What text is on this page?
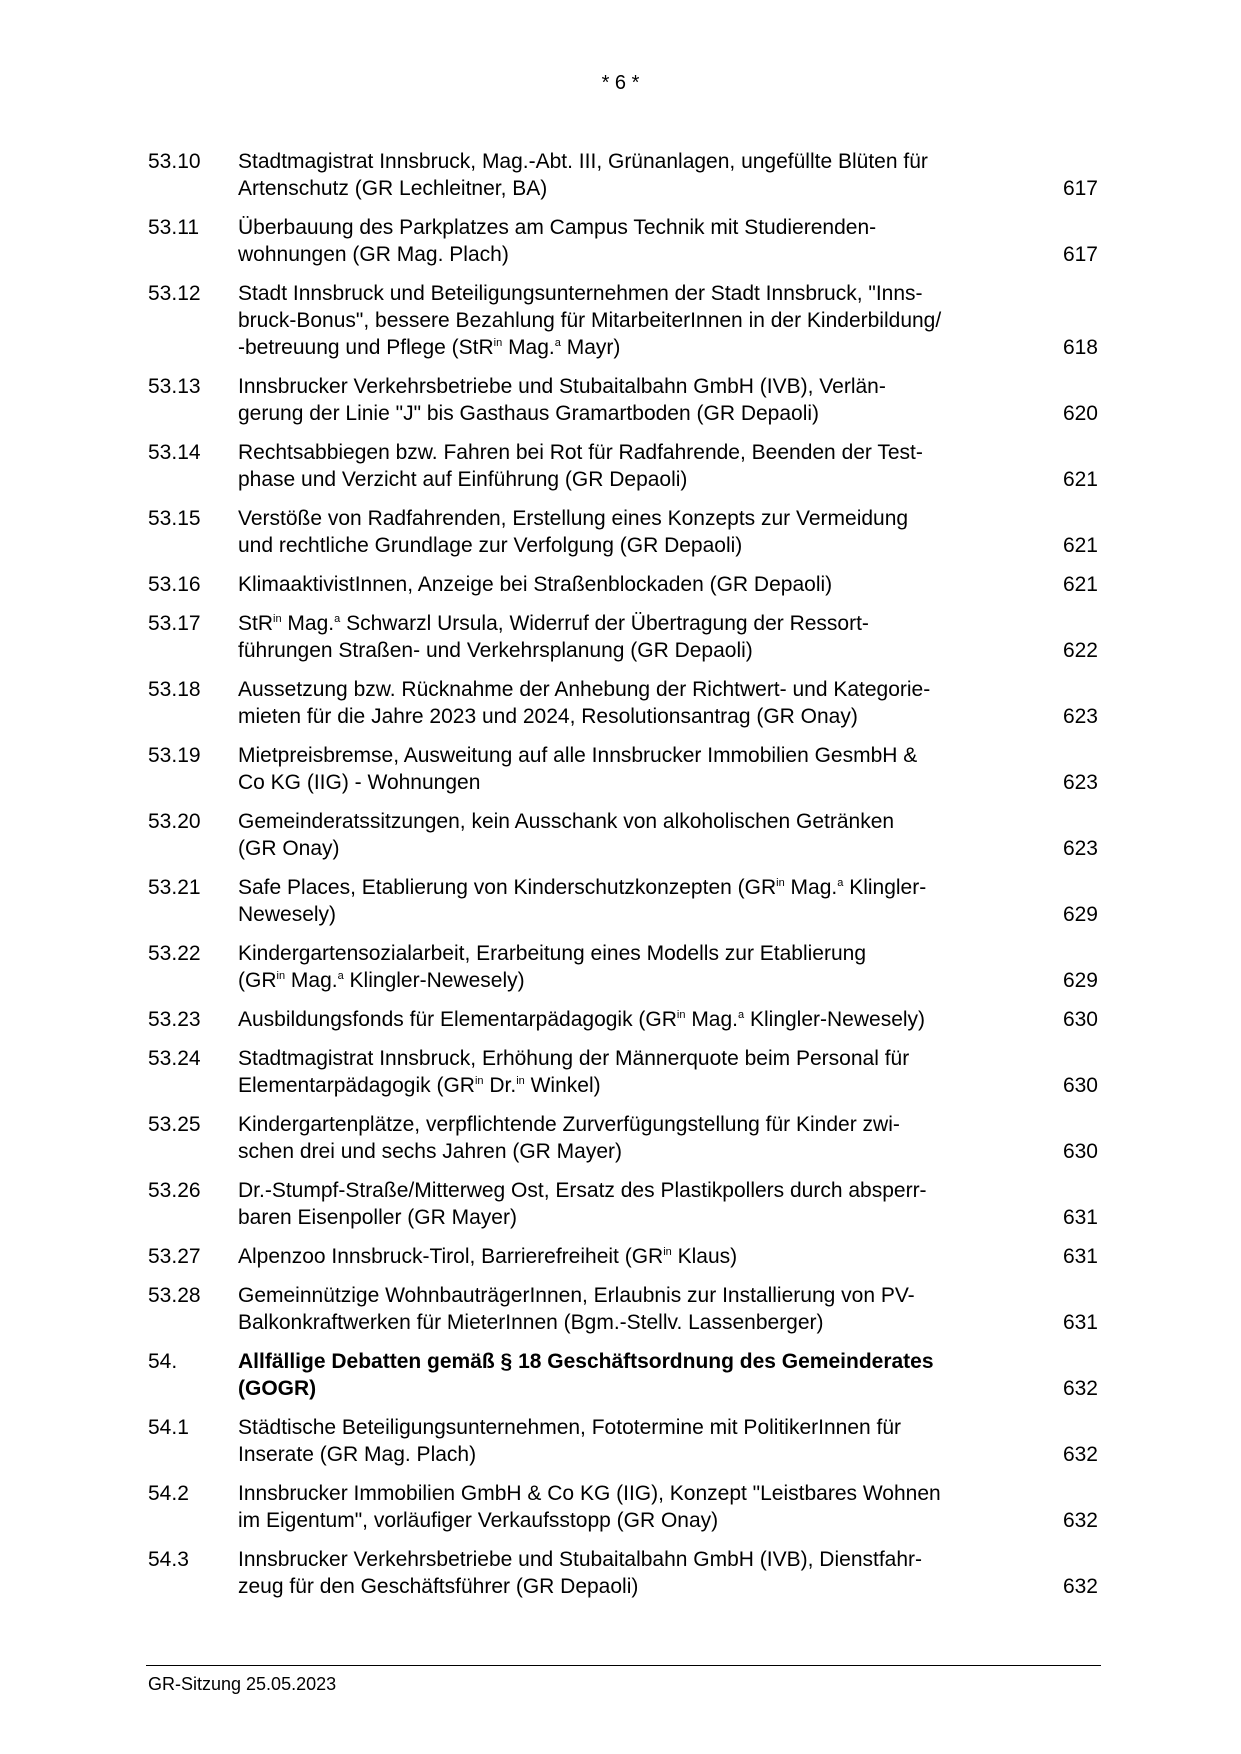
* 6 *
53.10	Stadtmagistrat Innsbruck, Mag.-Abt. III, Grünanlagen, ungefüllte Blüten für
Artenschutz (GR Lechleitner, BA)	617
53.11	Überbauung des Parkplatzes am Campus Technik mit Studierenden-
wohnungen (GR Mag. Plach)	617
53.12	Stadt Innsbruck und Beteiligungsunternehmen der Stadt Innsbruck, "Inns-
bruck-Bonus", bessere Bezahlung für MitarbeiterInnen in der Kinderbildung/
-betreuung und Pflege (StR$^{in}$ Mag.$^a$ Mayr)	618
53.13	Innsbrucker Verkehrsbetriebe und Stubaitalbahn GmbH (IVB), Verlän-
gerung der Linie "J" bis Gasthaus Gramartboden (GR Depaoli)	620
53.14	Rechtsabbiegen bzw. Fahren bei Rot für Radfahrende, Beenden der Test-
phase und Verzicht auf Einführung (GR Depaoli)	621
53.15	Verstöße von Radfahrenden, Erstellung eines Konzepts zur Vermeidung
und rechtliche Grundlage zur Verfolgung (GR Depaoli)	621
53.16	KlimaaktivistInnen, Anzeige bei Straßenblockaden (GR Depaoli)	621
53.17	StR$^{in}$ Mag.$^a$ Schwarzl Ursula, Widerruf der Übertragung der Ressort-
führungen Straßen- und Verkehrsplanung (GR Depaoli)	622
53.18	Aussetzung bzw. Rücknahme der Anhebung der Richtwert- und Kategorie-
mieten für die Jahre 2023 und 2024, Resolutionsantrag (GR Onay)	623
53.19	Mietpreisbremse, Ausweitung auf alle Innsbrucker Immobilien GesmbH &
Co KG (IIG) - Wohnungen	623
53.20	Gemeinderatssitzungen, kein Ausschank von alkoholischen Getränken
(GR Onay)	623
53.21	Safe Places, Etablierung von Kinderschutzkonzepten ($GR^{in}$ Mag.$^a$ Klingler-
Newesely)	629
53.22	Kindergartensozialarbeit, Erarbeitung eines Modells zur Etablierung
($GR^{in}$ Mag.$^a$ Klingler-Newesely)	629
53.23	Ausbildungsfonds für Elementarpädagogik ($GR^{in}$ Mag.$^a$ Klingler-Newesely)	630
53.24	Stadtmagistrat Innsbruck, Erhöhung der Männerquote beim Personal für
Elementarpädagogik ($GR^{in}$ Dr.$^{in}$ Winkel)	630
53.25	Kindergartenplätze, verpflichtende Zurverfügungstellung für Kinder zwi-
schen drei und sechs Jahren (GR Mayer)	630
53.26	Dr.-Stumpf-Straße/Mitterweg Ost, Ersatz des Plastikpollers durch absperr-
baren Eisenpoller (GR Mayer)	631
53.27	Alpenzoo Innsbruck-Tirol, Barrierefreiheit ($GR^{in}$ Klaus)	631
53.28	Gemeinnützige WohnbauträgerInnen, Erlaubnis zur Installierung von PV-
Balkonkraftwerken für MieterInnen (Bgm.-Stellv. Lassenberger)	631
54.	Allfällige Debatten gemäß § 18 Geschäftsordnung des Gemeinderates
(GOGR)	632
54.1	Städtische Beteiligungsunternehmen, Fototermine mit PolitikerInnen für
Inserate (GR Mag. Plach)	632
54.2	Innsbrucker Immobilien GmbH & Co KG (IIG), Konzept "Leistbares Wohnen
im Eigentum", vorläufiger Verkaufsstopp (GR Onay)	632
54.3	Innsbrucker Verkehrsbetriebe und Stubaitalbahn GmbH (IVB), Dienstfahr-
zeug für den Geschäftsführer (GR Depaoli)	632
GR-Sitzung 25.05.2023
